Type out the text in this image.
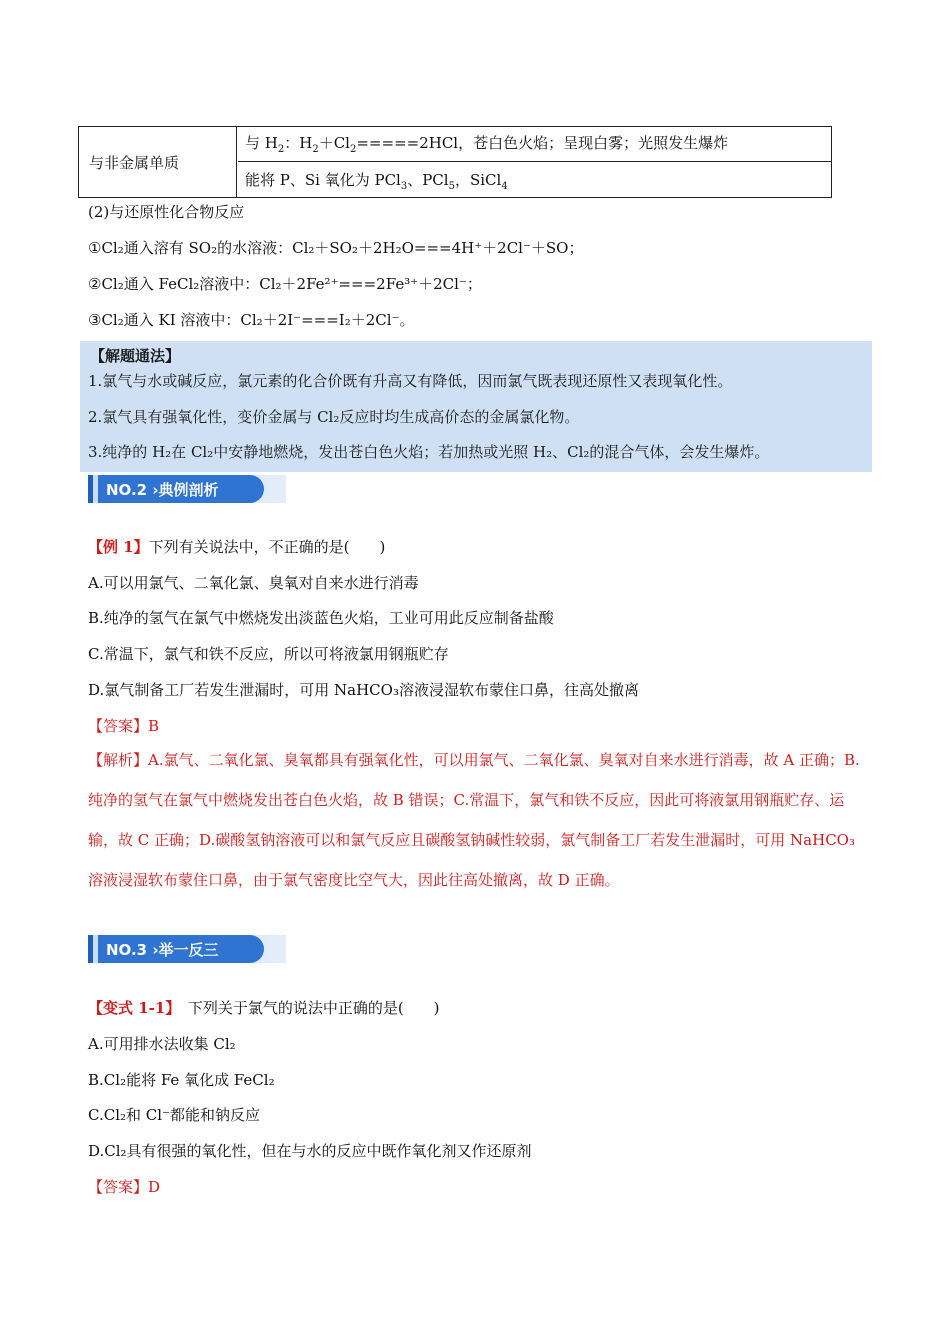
与非金属单质
与 $H_2$：$H_2+Cl_2=====2HCl$，苍白色火焰；呈现白雾；光照发生爆炸
能将 P、Si 氧化为 PCl$_3$、PCl$_5$，SiCl$_4$
(2)与还原性化合物反应
①Cl₂通入溶有 SO₂的水溶液：Cl₂＋SO₂＋2H₂O===4H⁺＋2Cl⁻＋SO；
②Cl₂通入 FeCl₂溶液中：Cl₂＋2Fe²⁺===2Fe³⁺＋2Cl⁻；
③Cl₂通入 KI 溶液中：Cl₂＋2I⁻===I₂＋2Cl⁻。
【解题通法】
1.氯气与水或碱反应，氯元素的化合价既有升高又有降低，因而氯气既表现还原性又表现氧化性。
2.氯气具有强氧化性，变价金属与 Cl₂反应时均生成高价态的金属氯化物。
3.纯净的 H₂在 Cl₂中安静地燃烧，发出苍白色火焰；若加热或光照 H₂、Cl₂的混合气体，会发生爆炸。
NO.2 ›典例剖析
【例 1】下列有关说法中，不正确的是(　　)
A.可以用氯气、二氧化氯、臭氧对自来水进行消毒
B.纯净的氢气在氯气中燃烧发出淡蓝色火焰，工业可用此反应制备盐酸
C.常温下，氯气和铁不反应，所以可将液氯用钢瓶贮存
D.氯气制备工厂若发生泄漏时，可用 NaHCO₃溶液浸湿软布蒙住口鼻，往高处撤离
【答案】B
【解析】A.氯气、二氧化氯、臭氧都具有强氧化性，可以用氯气、二氧化氯、臭氧对自来水进行消毒，故 A 正确；B.纯净的氢气在氯气中燃烧发出苍白色火焰，故 B 错误；C.常温下，氯气和铁不反应，因此可将液氯用钢瓶贮存、运输，故 C 正确；D.碳酸氢钠溶液可以和氯气反应且碳酸氢钠碱性较弱，氯气制备工厂若发生泄漏时，可用 NaHCO₃溶液浸湿软布蒙住口鼻，由于氯气密度比空气大，因此往高处撤离，故 D 正确。
NO.3 ›举一反三
【变式 1-1】　下列关于氯气的说法中正确的是(　　)
A.可用排水法收集 Cl₂
B.Cl₂能将 Fe 氧化成 FeCl₂
C.Cl₂和 Cl⁻都能和钠反应
D.Cl₂具有很强的氧化性，但在与水的反应中既作氧化剂又作还原剂
【答案】D
